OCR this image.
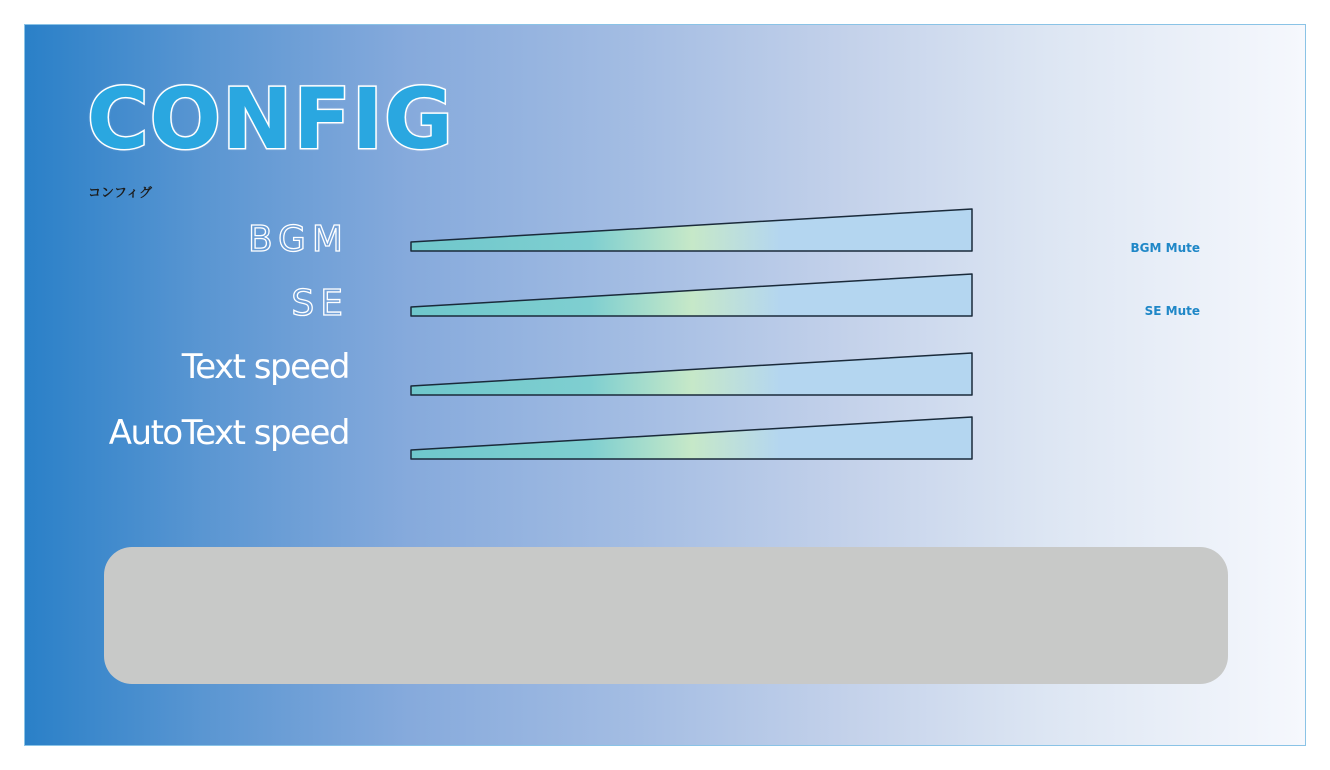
CONFIG
コンフィグ
BGM	BGM Mute
SE	SE Mute
Text speed
AutoText speed
